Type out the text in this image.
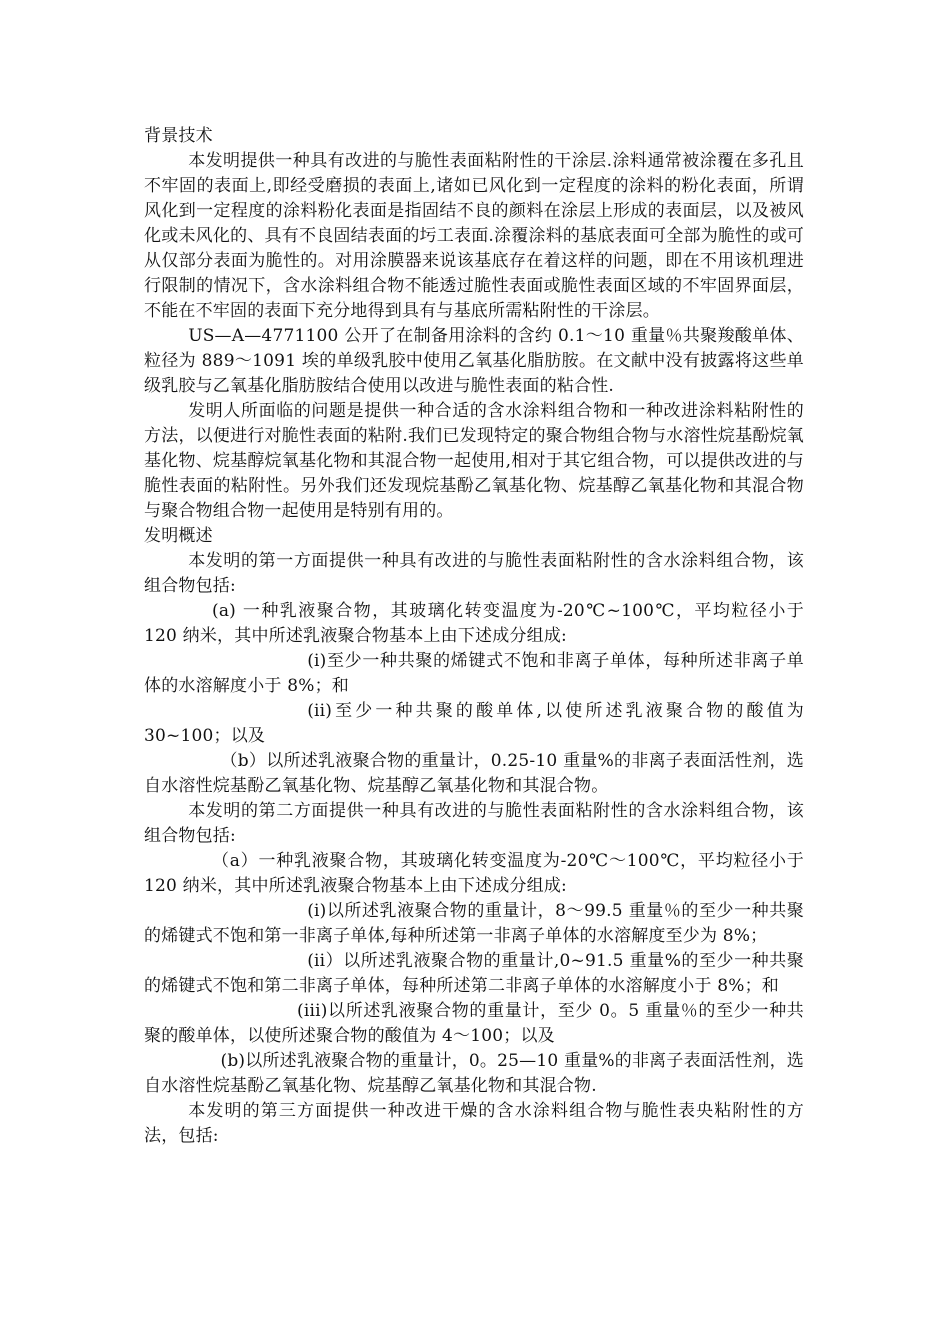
背景技术

本发明提供一种具有改进的与脆性表面粘附性的干涂层.涂料通常被涂覆在多孔且不牢固的表面上,即经受磨损的表面上,诸如已风化到一定程度的涂料的粉化表面，所谓风化到一定程度的涂料粉化表面是指固结不良的颜料在涂层上形成的表面层，以及被风化或未风化的、具有不良固结表面的圬工表面.涂覆涂料的基底表面可全部为脆性的或可从仅部分表面为脆性的。对用涂膜器来说该基底存在着这样的问题，即在不用该机理进行限制的情况下，含水涂料组合物不能透过脆性表面或脆性表面区域的不牢固界面层，不能在不牢固的表面下充分地得到具有与基底所需粘附性的干涂层。

US—A—4771100 公开了在制备用涂料的含约 0.1～10 重量％共聚羧酸单体、粒径为 889～1091 埃的单级乳胶中使用乙氧基化脂肪胺。在文献中没有披露将这些单级乳胶与乙氧基化脂肪胺结合使用以改进与脆性表面的粘合性.

发明人所面临的问题是提供一种合适的含水涂料组合物和一种改进涂料粘附性的方法，以便进行对脆性表面的粘附.我们已发现特定的聚合物组合物与水溶性烷基酚烷氧基化物、烷基醇烷氧基化物和其混合物一起使用,相对于其它组合物，可以提供改进的与脆性表面的粘附性。另外我们还发现烷基酚乙氧基化物、烷基醇乙氧基化物和其混合物与聚合物组合物一起使用是特别有用的。

发明概述

本发明的第一方面提供一种具有改进的与脆性表面粘附性的含水涂料组合物，该组合物包括:

(a) 一种乳液聚合物，其玻璃化转变温度为-20℃~100℃，平均粒径小于 120 纳米，其中所述乳液聚合物基本上由下述成分组成:

(i)至少一种共聚的烯键式不饱和非离子单体，每种所述非离子单体的水溶解度小于 8%；和

(ii)至少一种共聚的酸单体,以使所述乳液聚合物的酸值为 30~100；以及

（b）以所述乳液聚合物的重量计，0.25-10 重量%的非离子表面活性剂，选自水溶性烷基酚乙氧基化物、烷基醇乙氧基化物和其混合物。

本发明的第二方面提供一种具有改进的与脆性表面粘附性的含水涂料组合物，该组合物包括:

（a）一种乳液聚合物，其玻璃化转变温度为-20℃～100℃，平均粒径小于 120 纳米，其中所述乳液聚合物基本上由下述成分组成:

(i)以所述乳液聚合物的重量计，8～99.5 重量％的至少一种共聚的烯键式不饱和第一非离子单体,每种所述第一非离子单体的水溶解度至少为 8%；

(ii）以所述乳液聚合物的重量计,0~91.5 重量%的至少一种共聚的烯键式不饱和第二非离子单体，每种所述第二非离子单体的水溶解度小于 8%；和

(iii)以所述乳液聚合物的重量计，至少 0。5 重量％的至少一种共聚的酸单体，以使所述聚合物的酸值为 4～100；以及

(b)以所述乳液聚合物的重量计，0。25—10 重量%的非离子表面活性剂，选自水溶性烷基酚乙氧基化物、烷基醇乙氧基化物和其混合物.

本发明的第三方面提供一种改进干燥的含水涂料组合物与脆性表央粘附性的方法，包括:
